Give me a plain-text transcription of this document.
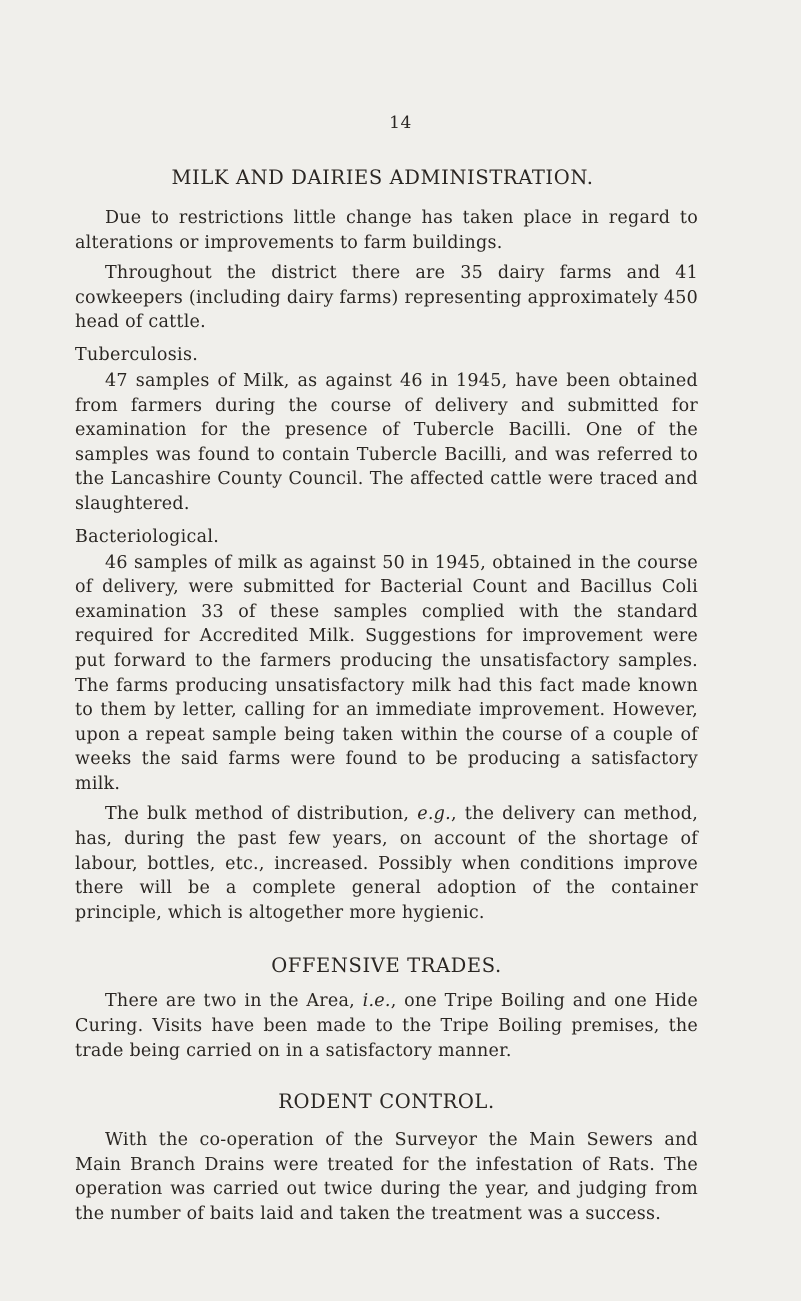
14
MILK AND DAIRIES ADMINISTRATION.

Due to restrictions little change has taken place in regard to alterations or improvements to farm buildings.

Throughout the district there are 35 dairy farms and 41 cowkeepers (including dairy farms) representing approximately 450 head of cattle.

Tuberculosis.

47 samples of Milk, as against 46 in 1945, have been obtained from farmers during the course of delivery and submitted for examination for the presence of Tubercle Bacilli. One of the samples was found to contain Tubercle Bacilli, and was referred to the Lancashire County Council. The affected cattle were traced and slaughtered.

Bacteriological.

46 samples of milk as against 50 in 1945, obtained in the course of delivery, were submitted for Bacterial Count and Bacillus Coli examination 33 of these samples complied with the standard required for Accredited Milk. Suggestions for improvement were put forward to the farmers producing the unsatisfactory samples. The farms producing unsatisfactory milk had this fact made known to them by letter, calling for an immediate improvement. However, upon a repeat sample being taken within the course of a couple of weeks the said farms were found to be producing a satisfactory milk.

The bulk method of distribution, e.g., the delivery can method, has, during the past few years, on account of the shortage of labour, bottles, etc., increased. Possibly when conditions improve there will be a complete general adoption of the container principle, which is altogether more hygienic.

OFFENSIVE TRADES.

There are two in the Area, i.e., one Tripe Boiling and one Hide Curing. Visits have been made to the Tripe Boiling premises, the trade being carried on in a satisfactory manner.

RODENT CONTROL.

With the co-operation of the Surveyor the Main Sewers and Main Branch Drains were treated for the infestation of Rats. The operation was carried out twice during the year, and judging from the number of baits laid and taken the treatment was a success.
